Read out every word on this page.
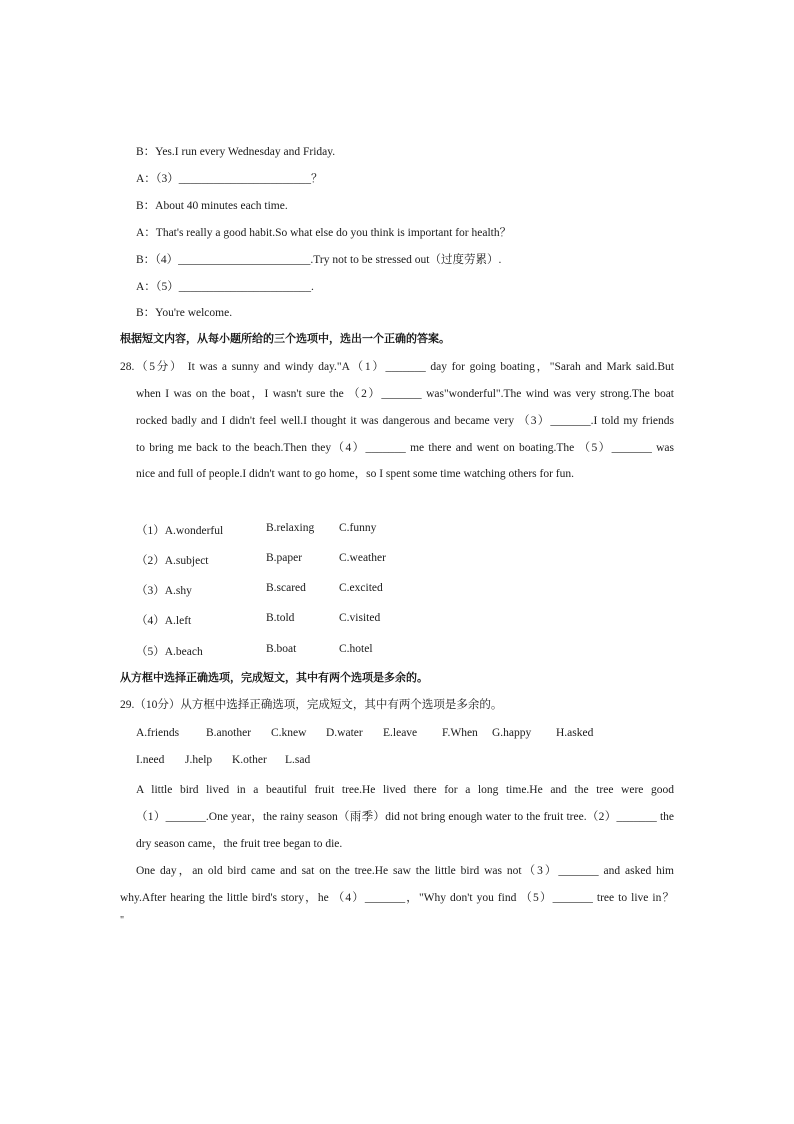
B：Yes.I run every Wednesday and Friday.
A：（3）_______________________？
B：About 40 minutes each time.
A：That's really a good habit.So what else do you think is important for health？
B：（4）_______________________.Try not to be stressed out（过度劳累）.
A：（5）_______________________.
B：You're welcome.
根据短文内容，从每小题所给的三个选项中，选出一个正确的答案。
28.（5分） It was a sunny and windy day."A（1）_______ day for going boating，"Sarah and Mark said.But
when I was on the boat，I wasn't sure the （2）_______ was"wonderful".The wind was very strong.The boat
rocked badly and I didn't feel well.I thought it was dangerous and became very （3）_______.I told my friends
to bring me back to the beach.Then they（4）_______ me there and went on boating.The （5）_______ was
nice and full of people.I didn't want to go home，so I spent some time watching others for fun.
（1）A.wonderful	B.relaxing C.funny
（2）A.subject	B.paper	C.weather
（3）A.shy	B.scared	C.excited
（4）A.left	B.told	C.visited
（5）A.beach	B.boat	C.hotel
从方框中选择正确选项，完成短文，其中有两个选项是多余的。
29.（10分）从方框中选择正确选项，完成短文，其中有两个选项是多余的。
A.friends B.another C.knew D.water E.leave F.When G.happy H.asked
I.need J.help K.other L.sad
A little bird lived in a beautiful fruit tree.He lived there for a long time.He and the tree were good
（1）_______.One year，the rainy season（雨季）did not bring enough water to the fruit tree.（2）_______ the
dry season came，the fruit tree began to die.
One day，an old bird came and sat on the tree.He saw the little bird was not（3）_______ and asked him
why.After hearing the little bird's story，he （4）_______，"Why don't you find （5）_______ tree to live in？
"
